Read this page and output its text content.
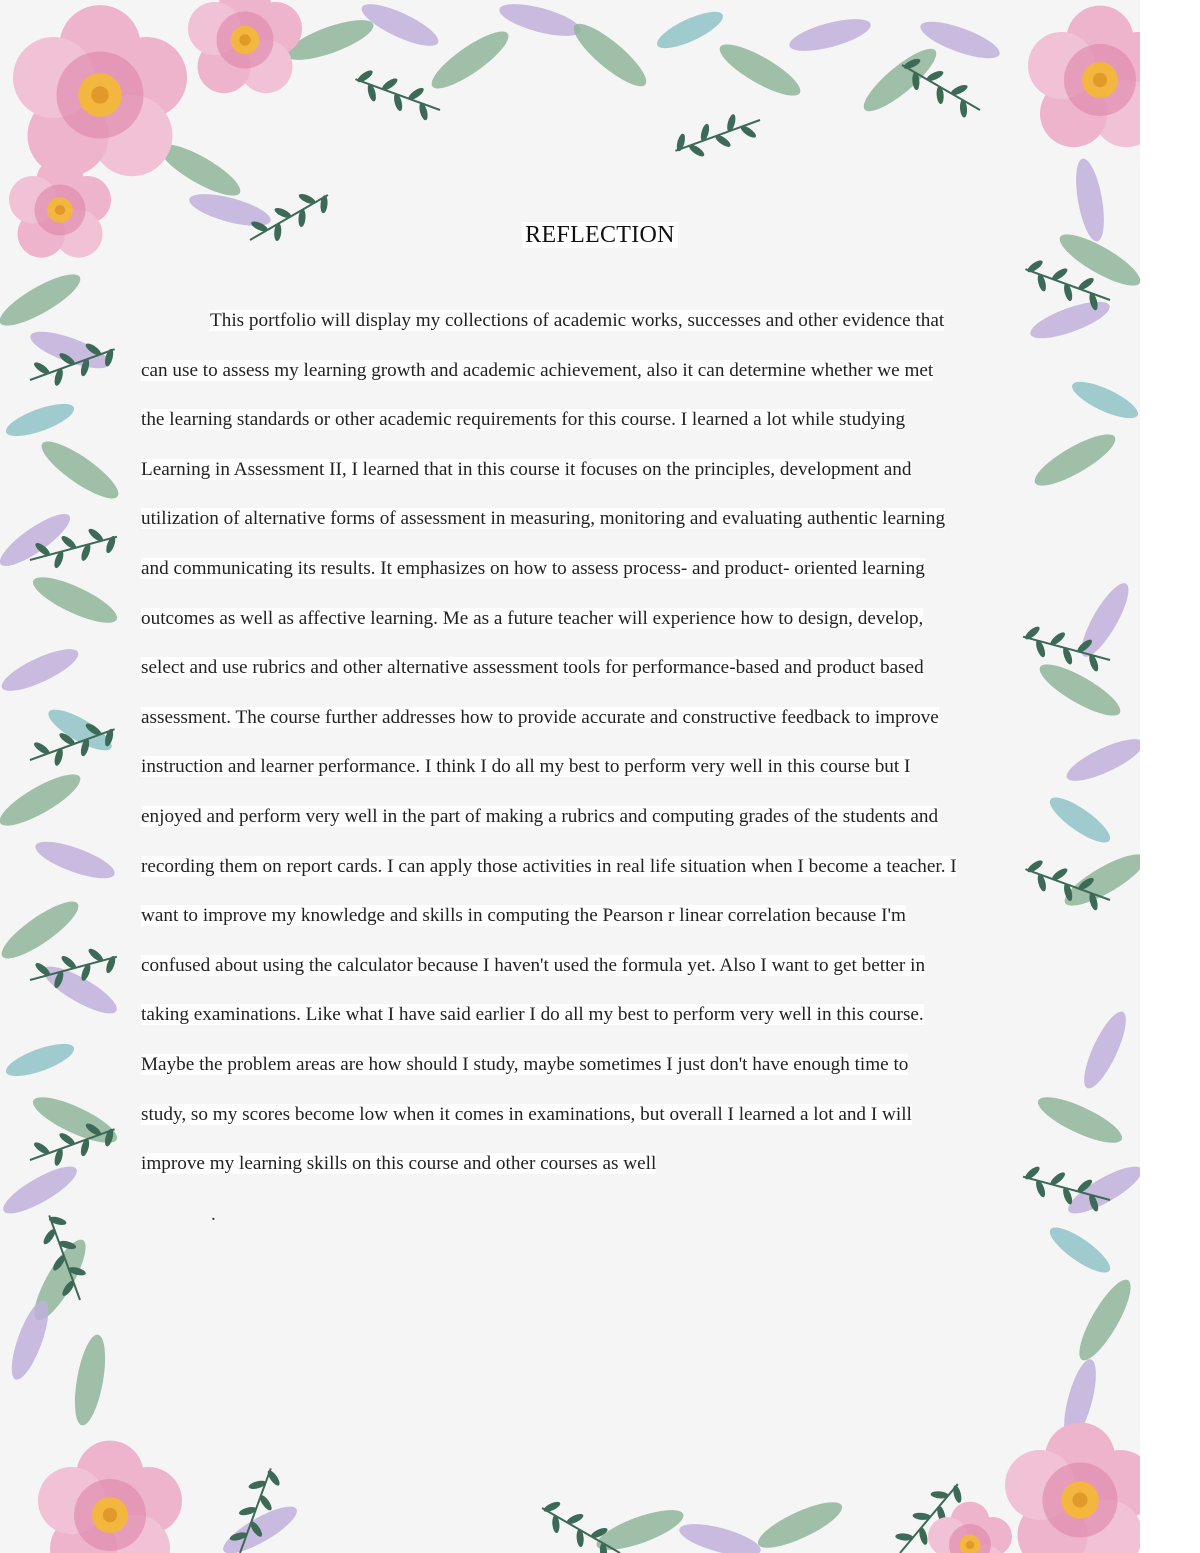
REFLECTION

This portfolio will display my collections of academic works, successes and other evidence that
can use to assess my learning growth and academic achievement, also it can determine whether we met
the learning standards or other academic requirements for this course. I learned a lot while studying
Learning in Assessment II, I learned that in this course it focuses on the principles, development and
utilization of alternative forms of assessment in measuring, monitoring and evaluating authentic learning
and communicating its results. It emphasizes on how to assess process- and product- oriented learning
outcomes as well as affective learning. Me as a future teacher will experience how to design, develop,
select and use rubrics and other alternative assessment tools for performance-based and product based
assessment. The course further addresses how to provide accurate and constructive feedback to improve
instruction and learner performance. I think I do all my best to perform very well in this course but I
enjoyed and perform very well in the part of making a rubrics and computing grades of the students and
recording them on report cards. I can apply those activities in real life situation when I become a teacher. I
want to improve my knowledge and skills in computing the Pearson r linear correlation because I'm
confused about using the calculator because I haven't used the formula yet. Also I want to get better in
taking examinations. Like what I have said earlier I do all my best to perform very well in this course.
Maybe the problem areas are how should I study, maybe sometimes I just don't have enough time to
study, so my scores become low when it comes in examinations, but overall I learned a lot and I will
improve my learning skills on this course and other courses as well

.
